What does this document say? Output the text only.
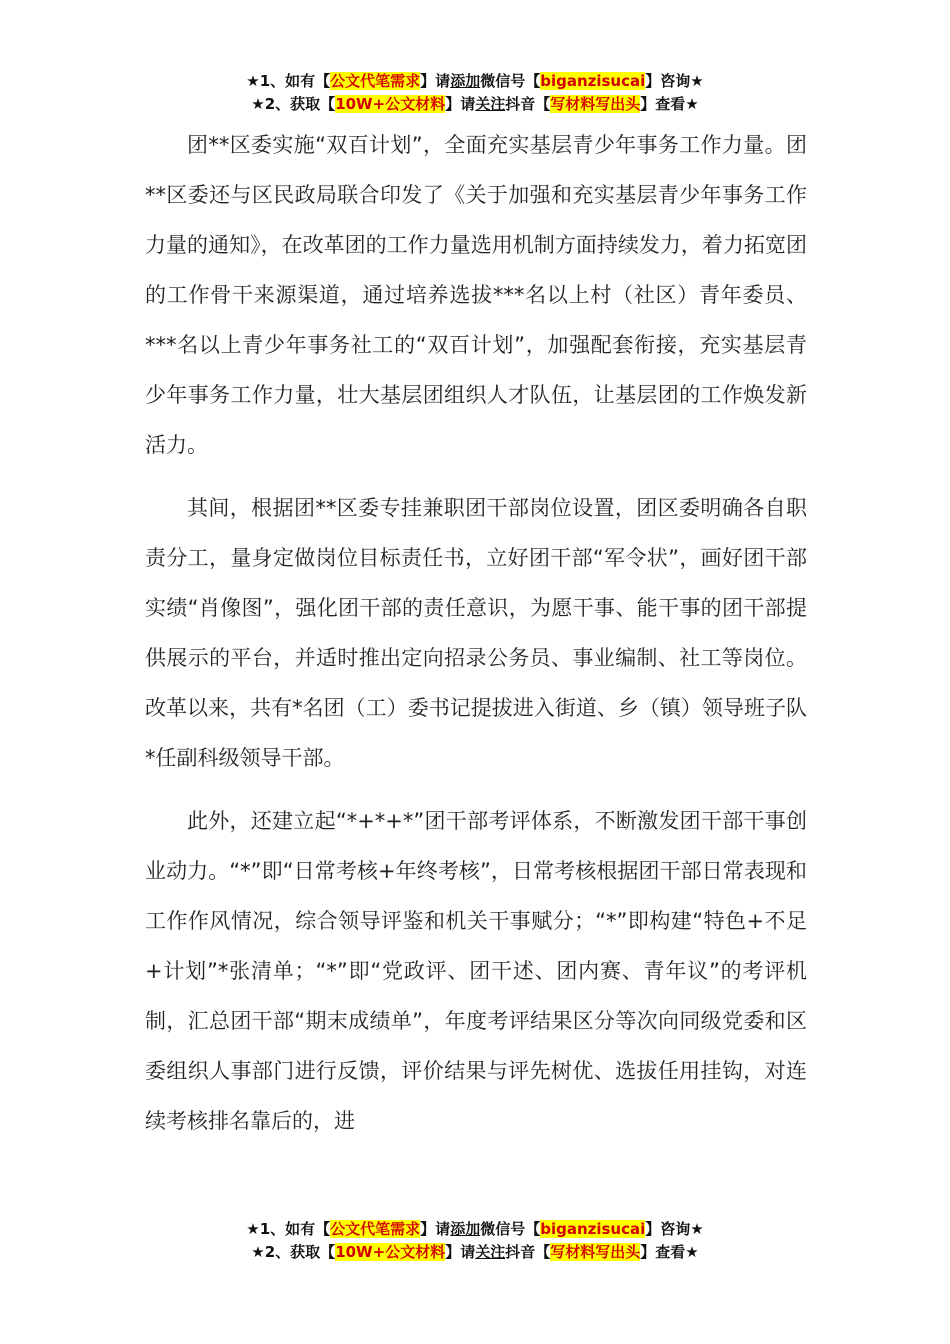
★1、如有【公文代笔需求】请添加微信号【biganzisucai】咨询★
★2、获取【10W+公文材料】请关注抖音【写材料写出头】查看★

团**区委实施“双百计划”，全面充实基层青少年事务工作力量。团**区委还与区民政局联合印发了《关于加强和充实基层青少年事务工作力量的通知》，在改革团的工作力量选用机制方面持续发力，着力拓宽团的工作骨干来源渠道，通过培养选拔***名以上村（社区）青年委员、***名以上青少年事务社工的“双百计划”，加强配套衔接，充实基层青少年事务工作力量，壮大基层团组织人才队伍，让基层团的工作焕发新活力。

其间，根据团**区委专挂兼职团干部岗位设置，团区委明确各自职责分工，量身定做岗位目标责任书，立好团干部“军令状”，画好团干部实绩“肖像图”，强化团干部的责任意识，为愿干事、能干事的团干部提供展示的平台，并适时推出定向招录公务员、事业编制、社工等岗位。改革以来，共有*名团（工）委书记提拔进入街道、乡（镇）领导班子队*任副科级领导干部。

此外，还建立起“*+*+*”团干部考评体系，不断激发团干部干事创业动力。“*”即“日常考核+年终考核”，日常考核根据团干部日常表现和工作作风情况，综合领导评鉴和机关干事赋分；“*”即构建“特色+不足+计划”*张清单；“*”即“党政评、团干述、团内赛、青年议”的考评机制，汇总团干部“期末成绩单”，年度考评结果区分等次向同级党委和区委组织人事部门进行反馈，评价结果与评先树优、选拔任用挂钩，对连续考核排名靠后的，进

★1、如有【公文代笔需求】请添加微信号【biganzisucai】咨询★
★2、获取【10W+公文材料】请关注抖音【写材料写出头】查看★
